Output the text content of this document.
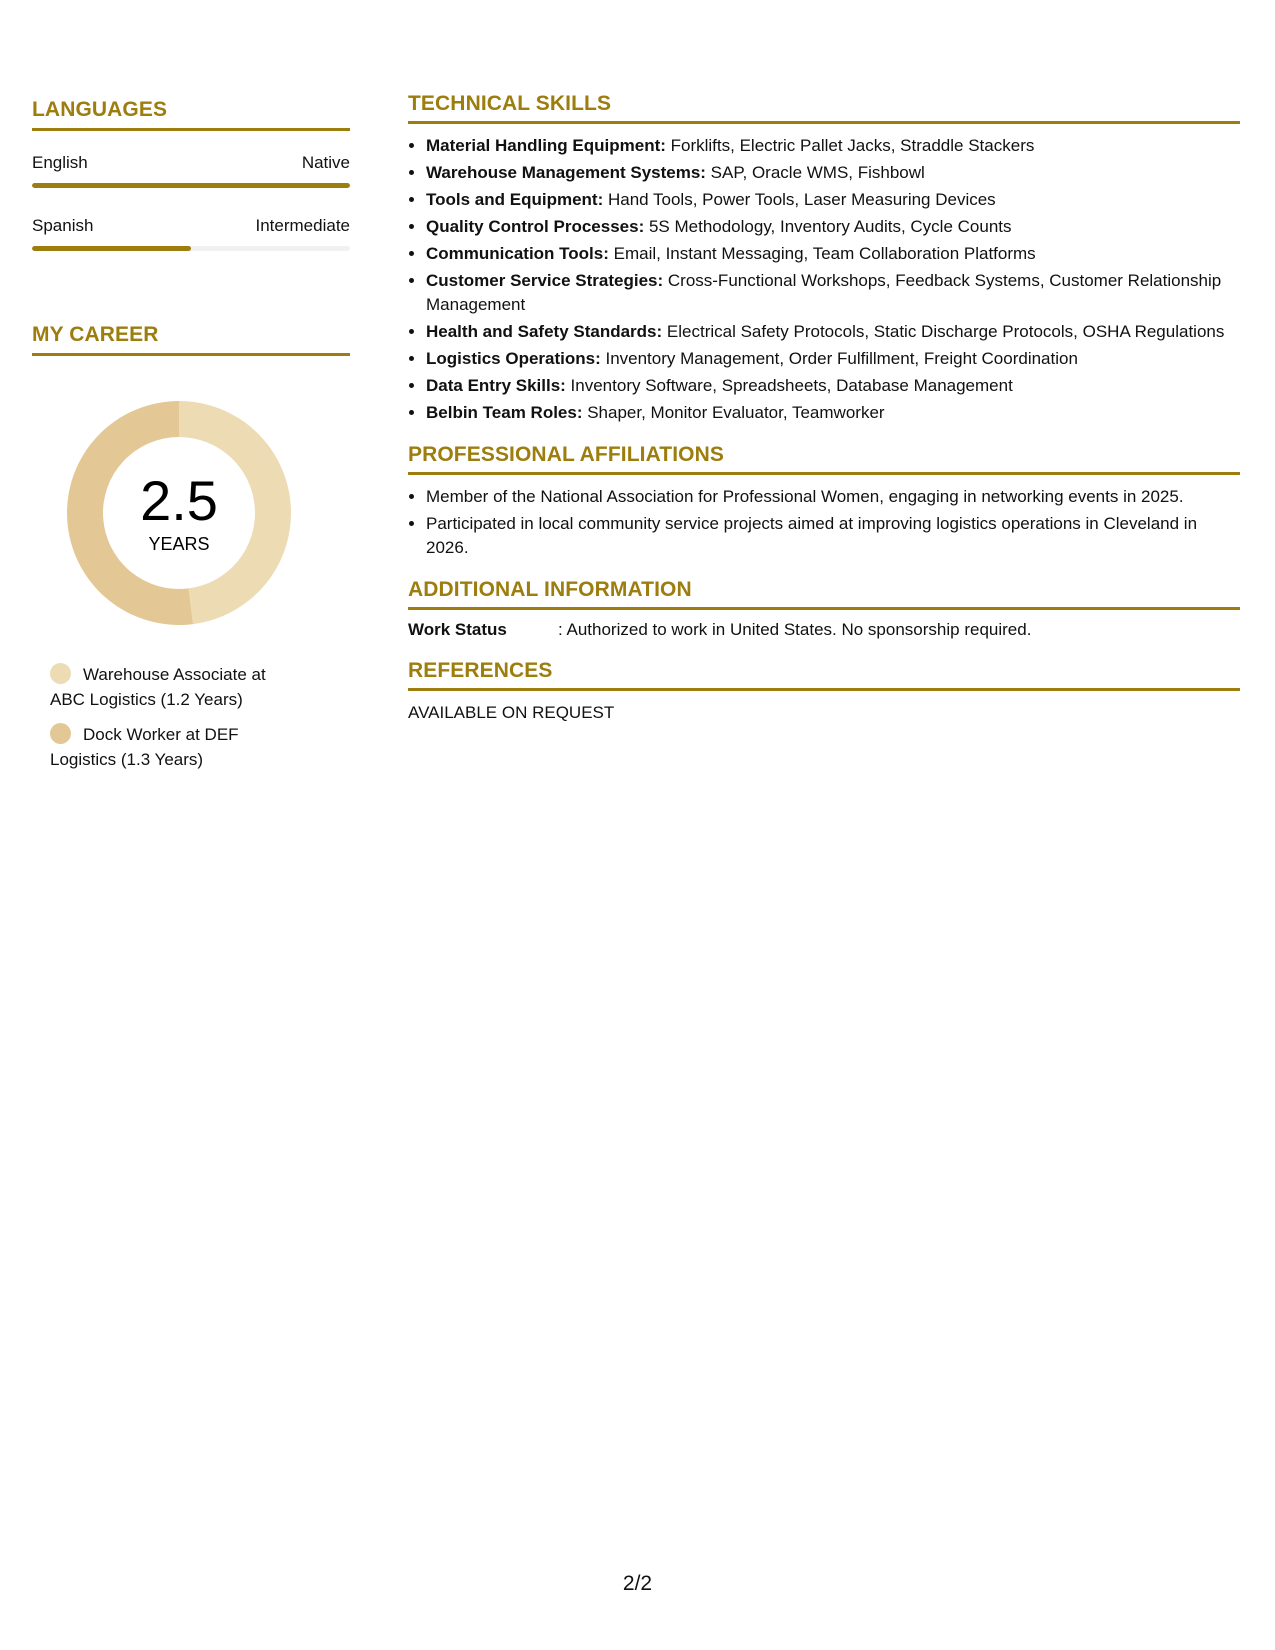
LANGUAGES
English	Native
Spanish	Intermediate
MY CAREER
2.5
YEARS
Warehouse Associate at ABC Logistics (1.2 Years)
Dock Worker at DEF Logistics (1.3 Years)
TECHNICAL SKILLS
• Material Handling Equipment: Forklifts, Electric Pallet Jacks, Straddle Stackers
• Warehouse Management Systems: SAP, Oracle WMS, Fishbowl
• Tools and Equipment: Hand Tools, Power Tools, Laser Measuring Devices
• Quality Control Processes: 5S Methodology, Inventory Audits, Cycle Counts
• Communication Tools: Email, Instant Messaging, Team Collaboration Platforms
• Customer Service Strategies: Cross-Functional Workshops, Feedback Systems, Customer Relationship Management
• Health and Safety Standards: Electrical Safety Protocols, Static Discharge Protocols, OSHA Regulations
• Logistics Operations: Inventory Management, Order Fulfillment, Freight Coordination
• Data Entry Skills: Inventory Software, Spreadsheets, Database Management
• Belbin Team Roles: Shaper, Monitor Evaluator, Teamworker
PROFESSIONAL AFFILIATIONS
• Member of the National Association for Professional Women, engaging in networking events in 2025.
• Participated in local community service projects aimed at improving logistics operations in Cleveland in 2026.
ADDITIONAL INFORMATION
Work Status	: Authorized to work in United States. No sponsorship required.
REFERENCES
AVAILABLE ON REQUEST
2/2
